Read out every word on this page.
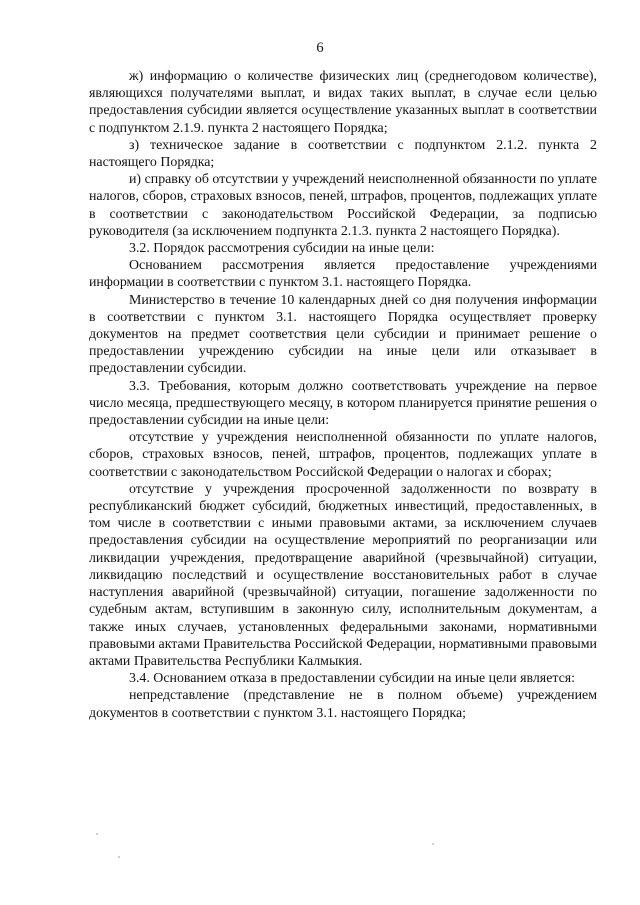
6

ж) информацию о количестве физических лиц (среднегодовом количестве), являющихся получателями выплат, и видах таких выплат, в случае если целью предоставления субсидии является осуществление указанных выплат в соответствии с подпунктом 2.1.9. пункта 2 настоящего Порядка;

з) техническое задание в соответствии с подпунктом 2.1.2. пункта 2 настоящего Порядка;

и) справку об отсутствии у учреждений неисполненной обязанности по уплате налогов, сборов, страховых взносов, пеней, штрафов, процентов, подлежащих уплате в соответствии с законодательством Российской Федерации, за подписью руководителя (за исключением подпункта 2.1.3. пункта 2 настоящего Порядка).

3.2. Порядок рассмотрения субсидии на иные цели:

Основанием рассмотрения является предоставление учреждениями информации в соответствии с пунктом 3.1. настоящего Порядка.

Министерство в течение 10 календарных дней со дня получения информации в соответствии с пунктом 3.1. настоящего Порядка осуществляет проверку документов на предмет соответствия цели субсидии и принимает решение о предоставлении учреждению субсидии на иные цели или отказывает в предоставлении субсидии.

3.3. Требования, которым должно соответствовать учреждение на первое число месяца, предшествующего месяцу, в котором планируется принятие решения о предоставлении субсидии на иные цели:

отсутствие у учреждения неисполненной обязанности по уплате налогов, сборов, страховых взносов, пеней, штрафов, процентов, подлежащих уплате в соответствии с законодательством Российской Федерации о налогах и сборах;

отсутствие у учреждения просроченной задолженности по возврату в республиканский бюджет субсидий, бюджетных инвестиций, предоставленных, в том числе в соответствии с иными правовыми актами, за исключением случаев предоставления субсидии на осуществление мероприятий по реорганизации или ликвидации учреждения, предотвращение аварийной (чрезвычайной) ситуации, ликвидацию последствий и осуществление восстановительных работ в случае наступления аварийной (чрезвычайной) ситуации, погашение задолженности по судебным актам, вступившим в законную силу, исполнительным документам, а также иных случаев, установленных федеральными законами, нормативными правовыми актами Правительства Российской Федерации, нормативными правовыми актами Правительства Республики Калмыкия.

3.4. Основанием отказа в предоставлении субсидии на иные цели является:

непредставление (представление не в полном объеме) учреждением документов в соответствии с пунктом 3.1. настоящего Порядка;
